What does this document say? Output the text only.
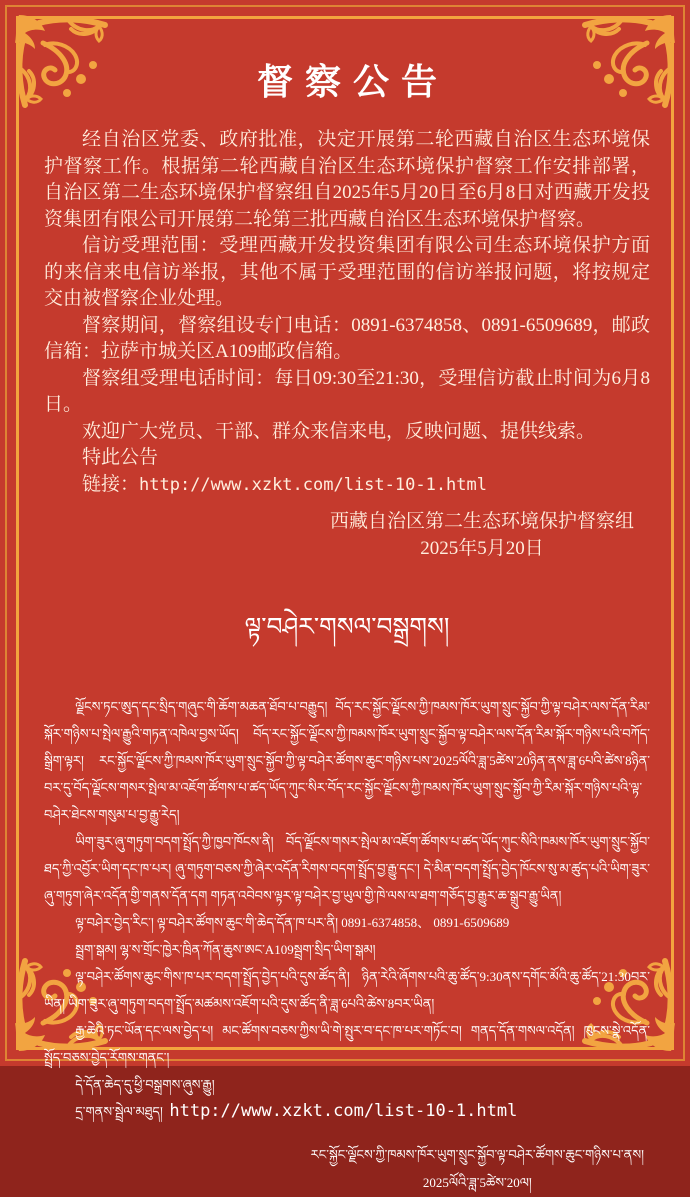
督察公告

经自治区党委、政府批准，决定开展第二轮西藏自治区生态环境保护督察工作。根据第二轮西藏自治区生态环境保护督察工作安排部署，自治区第二生态环境保护督察组自2025年5月20日至6月8日对西藏开发投资集团有限公司开展第二轮第三批西藏自治区生态环境保护督察。

信访受理范围：受理西藏开发投资集团有限公司生态环境保护方面的来信来电信访举报，其他不属于受理范围的信访举报问题，将按规定交由被督察企业处理。

督察期间，督察组设专门电话：0891-6374858、0891-6509689，邮政信箱：拉萨市城关区A109邮政信箱。

督察组受理电话时间：每日09:30至21:30，受理信访截止时间为6月8日。

欢迎广大党员、干部、群众来信来电，反映问题、提供线索。

特此公告

链接：http://www.xzkt.com/list-10-1.html

西藏自治区第二生态环境保护督察组
2025年5月20日
ལྟ་བཤེར་གསལ་བསྒྲགས།

ལྗོངས་ཏང་ཨུད་དང་སྲིད་གཞུང་གི་ཆོག་མཆན་ཐོབ་པ་བརྒྱུད། བོད་རང་སྐྱོང་ལྗོངས་ཀྱི་ཁམས་ཁོར་ཡུག་སྲུང་སྐྱོབ་ཀྱི་ལྟ་བཤེར་ལས་དོན་རིམ་སྐོར་གཉིས་པ་སྤེལ་རྒྱུའི་གཏན་འཁེལ་བྱས་ཡོད། བོད་རང་སྐྱོང་ལྗོངས་ཀྱི་ཁམས་ཁོར་ཡུག་སྲུང་སྐྱོབ་ལྟ་བཤེར་ལས་དོན་རིམ་སྐོར་གཉིས་པའི་བཀོད་སྒྲིག་ལྟར། རང་སྐྱོང་ལྗོངས་ཀྱི་ཁམས་ཁོར་ཡུག་སྲུང་སྐྱོབ་ཀྱི་ལྟ་བཤེར་ཚོགས་ཆུང་གཉིས་པས་2025ལོའི་ཟླ་5ཚེས་20ཉིན་ནས་ཟླ་6པའི་ཚེས་8ཉིན་བར་དུ་བོད་ལྗོངས་གསར་སྤེལ་མ་འཇོག་ཚོགས་པ་ཚད་ཡོད་ཀུང་སིར་བོད་རང་སྐྱོང་ལྗོངས་ཀྱི་ཁམས་ཁོར་ཡུག་སྲུང་སྐྱོབ་ཀྱི་རིམ་སྐོར་གཉིས་པའི་ལྟ་བཤེར་ཐེངས་གསུམ་པ་བྱ་རྒྱུ་རེད།

ཡིག་ཟུར་ཞུ་གཏུག་བདག་སྤྲོད་ཀྱི་ཁྱབ་ཁོངས་ནི། བོད་ལྗོངས་གསར་སྤེལ་མ་འཇོག་ཚོགས་པ་ཚད་ཡོད་ཀུང་སིའི་ཁམས་ཁོར་ཡུག་སྲུང་སྐྱོབ་ཐད་ཀྱི་འབྱོར་ཡིག་དང་ཁ་པར། ཞུ་གཏུག་བཅས་ཀྱི་ཞེར་འདོན་རིགས་བདག་སྤྲོད་བྱ་རྒྱུ་དང་། དེ་མིན་བདག་སྤྲོད་བྱེད་ཁོངས་སུ་མ་ཚུད་པའི་ཡིག་ཟུར་ཞུ་གཏུག་ཞེར་འདོན་གྱི་གནས་དོན་དག གཏན་འབེབས་ལྟར་ལྟ་བཤེར་བྱ་ཡུལ་གྱི་ཁེ་ལས་ལ་ཐག་གཅོད་བྱ་རྒྱུར་ཆ་སྒྲུབ་རྒྱུ་ཡིན།

ལྟ་བཤེར་བྱེད་རིང་། ལྟ་བཤེར་ཚོགས་ཆུང་གི་ཆེད་དོན་ཁ་པར་ནི། 0891-6374858、 0891-6509689

སྦྲག་སྒམ། ལྷ་ས་གྲོང་ཁྱེར་ཁྲིན་ཀོན་ཆུས་ཨང་A109སྦྲག་སྲིད་ཡིག་སྒམ།

ལྟ་བཤེར་ཚོགས་ཆུང་གིས་ཁ་པར་བདག་སྤྲོད་བྱེད་པའི་དུས་ཚོད་ནི། ཉིན་རེའི་ཞོགས་པའི་ཆུ་ཚོད་9:30ནས་དགོང་མོའི་ཆུ་ཚོད་21:30བར་ཡིན། ཡིག་ཟུར་ཞུ་གཏུག་བདག་སྤྲོད་མཚམས་འཇོག་པའི་དུས་ཚོད་ནི་ཟླ་6པའི་ཚེས་8བར་ཡིན།

རྒྱ་ཆེའི་ཏང་ཡོན་དང་ལས་བྱེད་པ། མང་ཚོགས་བཅས་ཀྱིས་ཡི་གེ་སྤུར་བ་དང་ཁ་པར་གཏོང་བ། གནད་དོན་གསལ་འདོན། ཁུངས་སྣེ་འདོན་སྤྲོད་བཅས་བྱེད་རོགས་གནང་།

དེ་དོན་ཆེད་དུ་ཕྱི་བསྒྲགས་ཞུས་རྒྱུ།

དྲ་གནས་སྦྲེལ་མཐུད། http://www.xzkt.com/list-10-1.html

རང་སྐྱོང་ལྗོངས་ཀྱི་ཁམས་ཁོར་ཡུག་སྲུང་སྐྱོབ་ལྟ་བཤེར་ཚོགས་ཆུང་གཉིས་པ་ནས།
2025ལོའི་ཟླ་5ཚེས་20ལ།
